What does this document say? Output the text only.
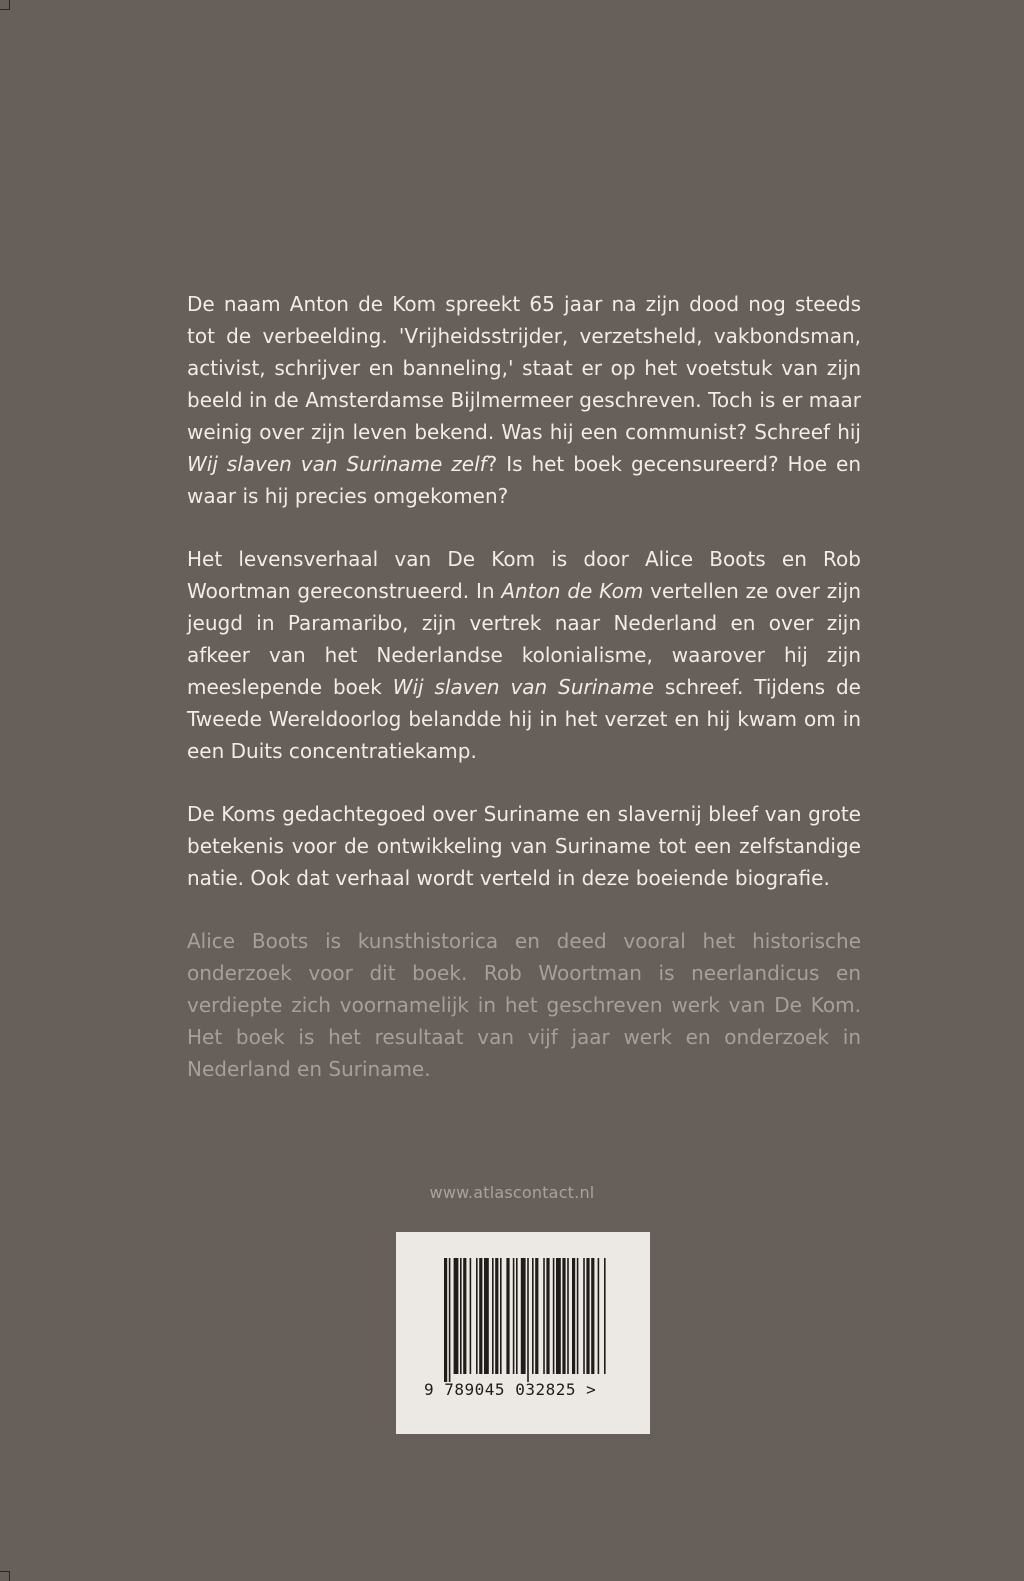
De naam Anton de Kom spreekt 65 jaar na zijn dood nog steeds tot de verbeelding. 'Vrijheidsstrijder, verzetsheld, vakbondsman, activist, schrijver en banneling,' staat er op het voetstuk van zijn beeld in de Amsterdamse Bijlmermeer geschreven. Toch is er maar weinig over zijn leven bekend. Was hij een communist? Schreef hij Wij slaven van Suriname zelf? Is het boek gecensureerd? Hoe en waar is hij precies omgekomen?

Het levensverhaal van De Kom is door Alice Boots en Rob Woortman gereconstrueerd. In Anton de Kom vertellen ze over zijn jeugd in Paramaribo, zijn vertrek naar Nederland en over zijn afkeer van het Nederlandse kolonialisme, waarover hij zijn meeslepende boek Wij slaven van Suriname schreef. Tijdens de Tweede Wereldoorlog belandde hij in het verzet en hij kwam om in een Duits concentratiekamp.

De Koms gedachtegoed over Suriname en slavernij bleef van grote betekenis voor de ontwikkeling van Suriname tot een zelfstandige natie. Ook dat verhaal wordt verteld in deze boeiende biografie.

Alice Boots is kunsthistorica en deed vooral het historische onderzoek voor dit boek. Rob Woortman is neerlandicus en verdiepte zich voornamelijk in het geschreven werk van De Kom. Het boek is het resultaat van vijf jaar werk en onderzoek in Nederland en Suriname.

www.atlascontact.nl
9 789045 032825 >
